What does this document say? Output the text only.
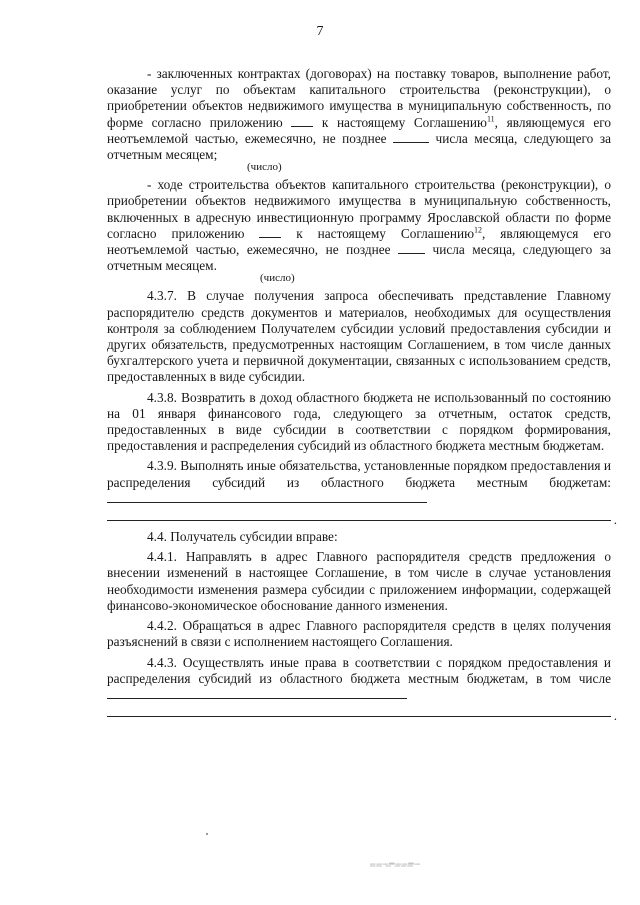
7

- заключенных контрактах (договорах) на поставку товаров, выполнение работ, оказание услуг по объектам капитального строительства (реконструкции), о приобретении объектов недвижимого имущества в муниципальную собственность, по форме согласно приложению  к настоящему Соглашению$^{11}$, являющемуся его неотъемлемой частью, ежемесячно, не позднее	числа месяца, следующего за отчетным месяцем;

(число)

- ходе строительства объектов капитального строительства (реконструкции), о приобретении объектов недвижимого имущества в муниципальную собственность, включенных в адресную инвестиционную программу Ярославской области по форме согласно приложению  к настоящему Соглашению$^{12}$, являющемуся его неотъемлемой частью, ежемесячно, не позднее  числа месяца, следующего за отчетным месяцем.

(число)

4.3.7. В случае получения запроса обеспечивать представление Главному распорядителю средств документов и материалов, необходимых для осуществления контроля за соблюдением Получателем субсидии условий предоставления субсидии и других обязательств, предусмотренных настоящим Соглашением, в том числе данных бухгалтерского учета и первичной документации, связанных с использованием средств, предоставленных в виде субсидии.

4.3.8. Возвратить в доход областного бюджета не использованный по состоянию на 01 января финансового года, следующего за отчетным, остаток средств, предоставленных в виде субсидии в соответствии с порядком формирования, предоставления и распределения субсидий из областного бюджета местным бюджетам.

4.3.9. Выполнять иные обязательства, установленные порядком предоставления и распределения субсидий из областного бюджета местным бюджетам:

.

4.4. Получатель субсидии вправе:

4.4.1. Направлять в адрес Главного распорядителя средств предложения о внесении изменений в настоящее Соглашение, в том числе в случае установления необходимости изменения размера субсидии с приложением информации, содержащей финансово-экономическое обоснование данного изменения.

4.4.2. Обращаться в адрес Главного распорядителя средств в целях получения разъяснений в связи с исполнением настоящего Соглашения.

4.4.3. Осуществлять иные права в соответствии с порядком предоставления и распределения субсидий из областного бюджета местным бюджетам, в том числе

.
▁▁▁▂▁▁▂▁
▔▔ ▔ ▔▔▔
